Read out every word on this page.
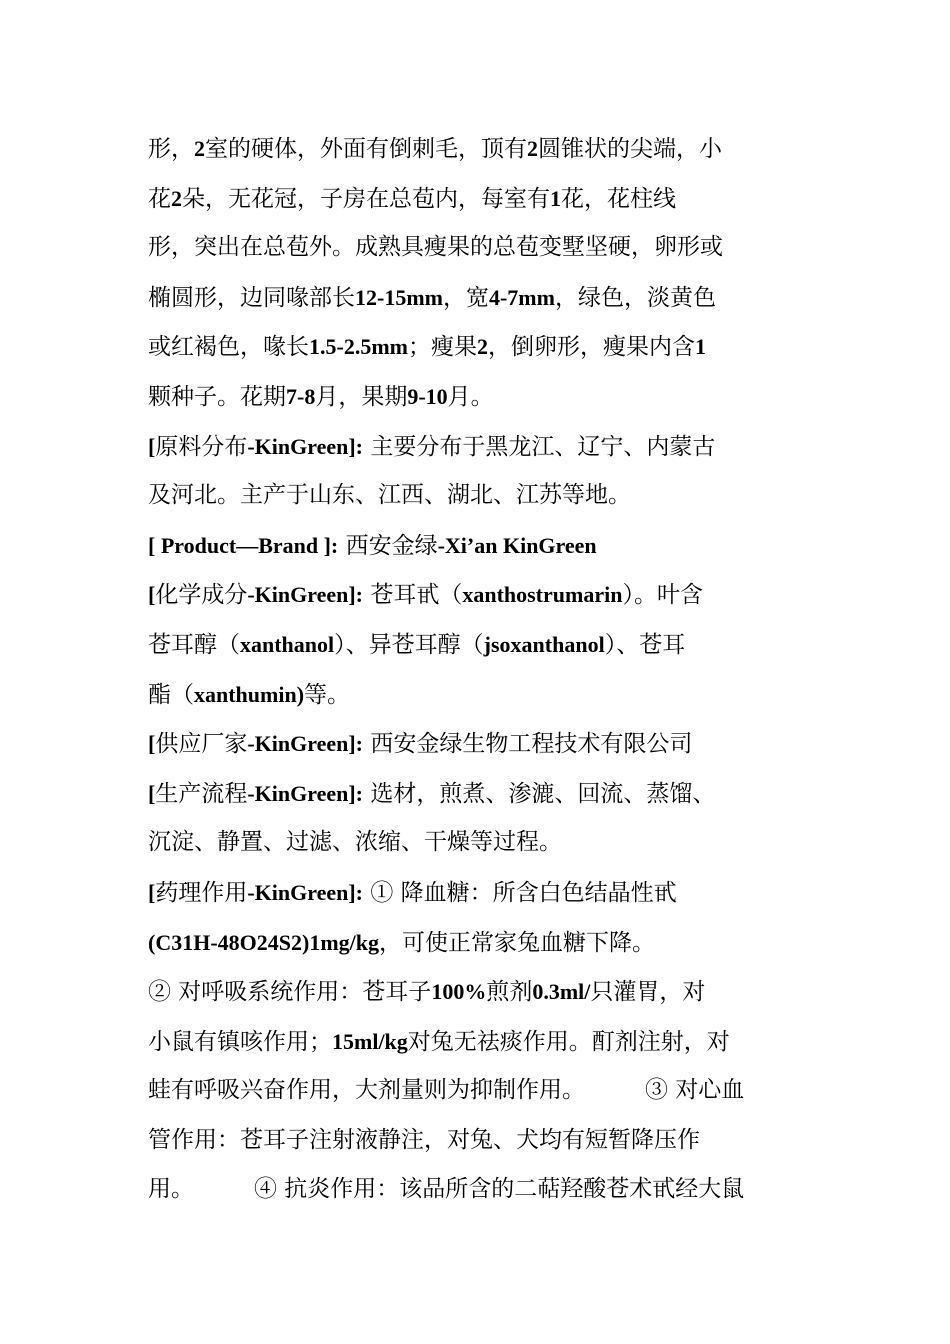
形，2室的硬体，外面有倒刺毛，顶有2圆锥状的尖端，小
花2朵，无花冠，子房在总苞内，每室有1花，花柱线
形，突出在总苞外。成熟具瘦果的总苞变墅坚硬，卵形或
椭圆形，边同喙部长12-15mm，宽4-7mm，绿色，淡黄色
或红褐色，喙长1.5-2.5mm；瘦果2，倒卵形，瘦果内含1
颗种子。花期7-8月，果期9-10月。
[原料分布-KinGreen]: 主要分布于黑龙江、辽宁、内蒙古
及河北。主产于山东、江西、湖北、江苏等地。
[ Product—Brand ]: 西安金绿-Xi’an KinGreen
[化学成分-KinGreen]: 苍耳甙（xanthostrumarin）。叶含
苍耳醇（xanthanol）、异苍耳醇（jsoxanthanol）、苍耳
酯（xanthumin)等。
[供应厂家-KinGreen]: 西安金绿生物工程技术有限公司
[生产流程-KinGreen]: 选材，煎煮、渗漉、回流、蒸馏、
沉淀、静置、过滤、浓缩、干燥等过程。
[药理作用-KinGreen]: ① 降血糖：所含白色结晶性甙
(C31H-48O24S2)1mg/kg，可使正常家兔血糖下降。
② 对呼吸系统作用：苍耳子100%煎剂0.3ml/只灌胃，对
小鼠有镇咳作用；15ml/kg对兔无祛痰作用。酊剂注射，对
蛙有呼吸兴奋作用，大剂量则为抑制作用。	③ 对心血
管作用：苍耳子注射液静注，对兔、犬均有短暂降压作
用。	④ 抗炎作用：该品所含的二萜羟酸苍术甙经大鼠
